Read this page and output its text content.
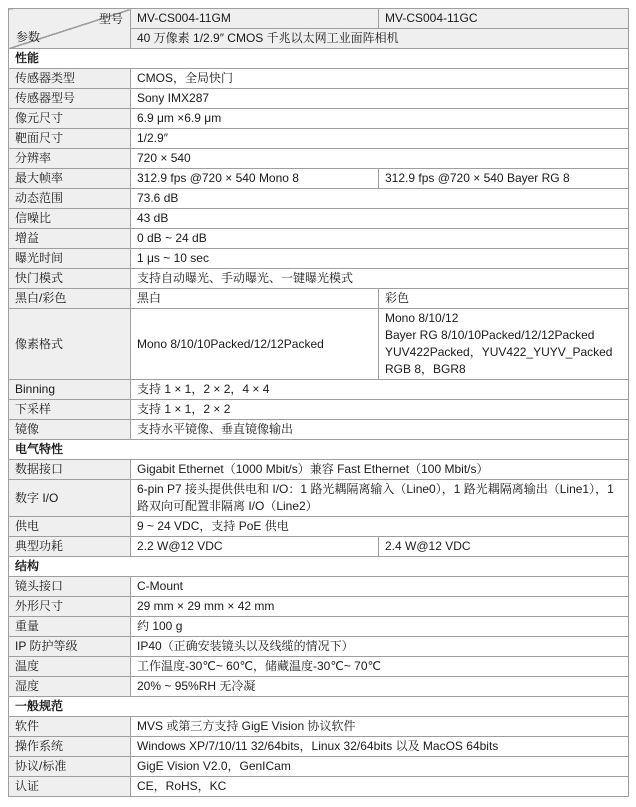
型号
参数	MV-CS004-11GM	MV-CS004-11GC
	40 万像素 1/2.9″ CMOS 千兆以太网工业面阵相机	
性能		
传感器类型	CMOS，全局快门	
传感器型号	Sony IMX287	
像元尺寸	6.9 μm ×6.9 μm	
靶面尺寸	1/2.9″	
分辨率	720 × 540	
最大帧率	312.9 fps @720 × 540 Mono 8	312.9 fps @720 × 540 Bayer RG 8
动态范围	73.6 dB	
信噪比	43 dB	
增益	0 dB ~ 24 dB	
曝光时间	1 μs ~ 10 sec	
快门模式	支持自动曝光、手动曝光、一键曝光模式	
黑白/彩色	黑白	彩色
像素格式	Mono 8/10/10Packed/12/12Packed	Mono 8/10/12
Bayer RG 8/10/10Packed/12/12Packed
YUV422Packed，YUV422_YUYV_Packed
RGB 8，BGR8

Binning	支持 1 × 1，2 × 2，4 × 4	
下采样	支持 1 × 1，2 × 2	
镜像	支持水平镜像、垂直镜像输出	
电气特性		
数据接口	Gigabit Ethernet（1000 Mbit/s）兼容 Fast Ethernet（100 Mbit/s）	
数字 I/O	6-pin P7 接头提供供电和 I/O：1 路光耦隔离输入（Line0），1 路光耦隔离输出（Line1），1 路双向可配置非隔离 I/O（Line2）	
供电	9 ~ 24 VDC，支持 PoE 供电	
典型功耗	2.2 W@12 VDC	2.4 W@12 VDC
结构		
镜头接口	C-Mount	
外形尺寸	29 mm × 29 mm × 42 mm	
重量	约 100 g	
IP 防护等级	IP40（正确安装镜头以及线缆的情况下）	
温度	工作温度-30℃~ 60℃，储藏温度-30℃~ 70℃	
湿度	20% ~ 95%RH 无冷凝	
一般规范		
软件	MVS 或第三方支持 GigE Vision 协议软件	
操作系统	Windows XP/7/10/11 32/64bits，Linux 32/64bits 以及 MacOS 64bits	
协议/标准	GigE Vision V2.0，GenICam	
认证	CE，RoHS，KC	
